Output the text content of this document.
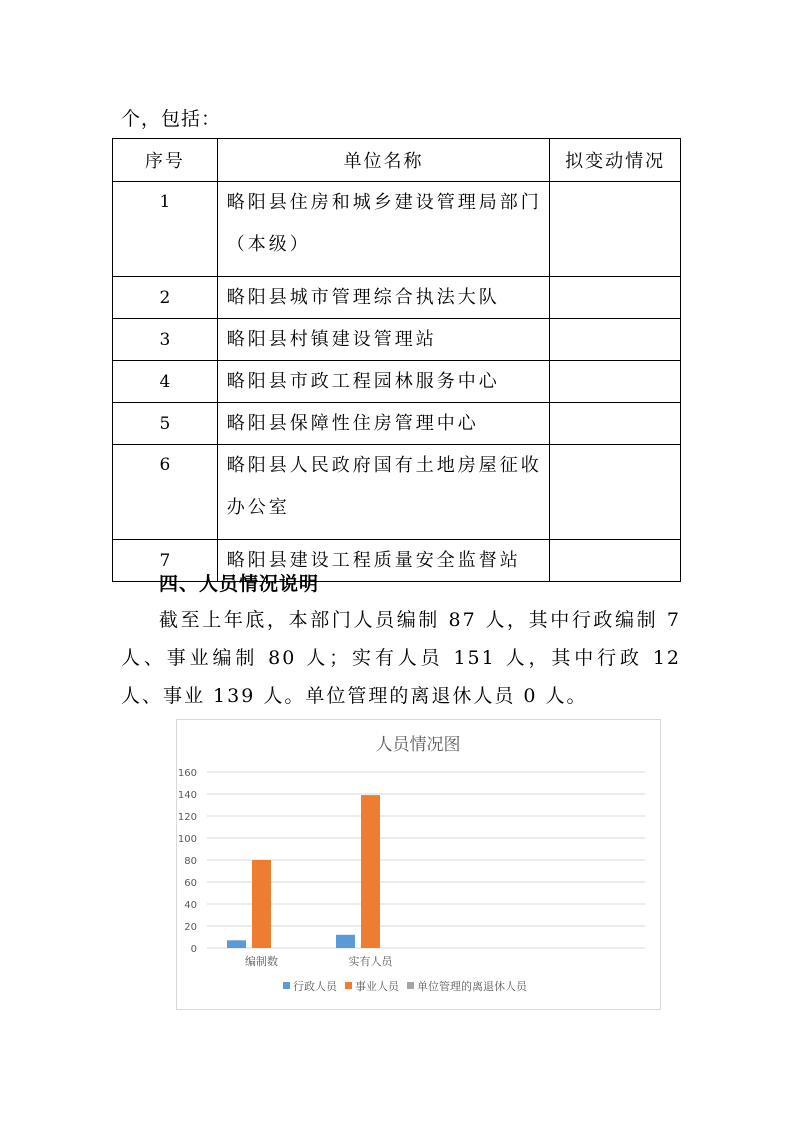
个，包括：
序号	单位名称	拟变动情况
1	略阳县住房和城乡建设管理局部门（本级）	
2	略阳县城市管理综合执法大队	
3	略阳县村镇建设管理站	
4	略阳县市政工程园林服务中心	
5	略阳县保障性住房管理中心	
6	略阳县人民政府国有土地房屋征收办公室	
7	略阳县建设工程质量安全监督站	
四、人员情况说明
截至上年底，本部门人员编制 87 人，其中行政编制 7 人、事业编制 80 人；实有人员 151 人，其中行政 12 人、事业 139 人。单位管理的离退休人员 0 人。
人员情况图
0
20
40
60
80
100
120
140
160
编制数	实有人员
行政人员 事业人员 单位管理的离退休人员
